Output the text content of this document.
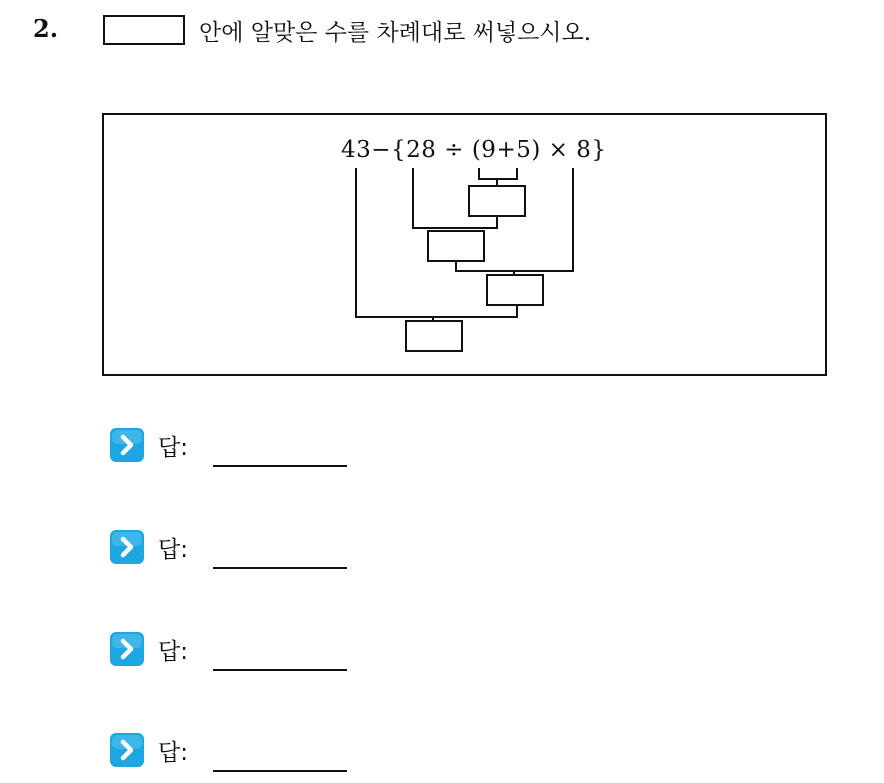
2.	안에 알맞은 수를 차례대로 써넣으시오.
43−{28 ÷ (9+5) × 8}
답:
답:
답:
답:
